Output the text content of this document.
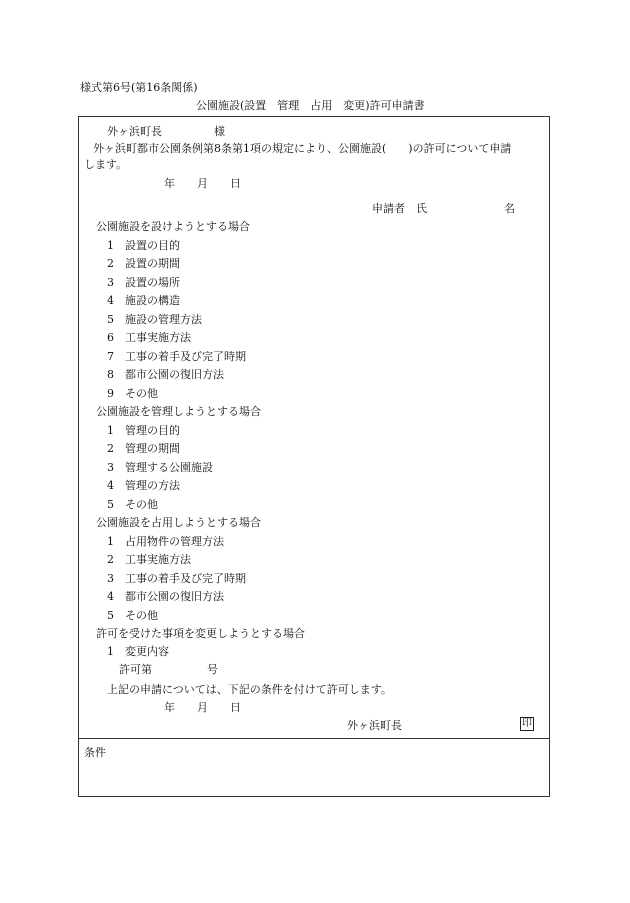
様式第6号(第16条関係)
公園施設(設置　管理　占用　変更)許可申請書
外ヶ浜町長	様
外ヶ浜町都市公園条例第8条第1項の規定により、公園施設(　　)の許可について申請
します。
年　　月　　日
申請者　氏　　　　　　　名
公園施設を設けようとする場合
1　設置の目的
2　設置の期間
3　設置の場所
4　施設の構造
5　施設の管理方法
6　工事実施方法
7　工事の着手及び完了時期
8　都市公園の復旧方法
9　その他
公園施設を管理しようとする場合
1　管理の目的
2　管理の期間
3　管理する公園施設
4　管理の方法
5　その他
公園施設を占用しようとする場合
1　占用物件の管理方法
2　工事実施方法
3　工事の着手及び完了時期
4　都市公園の復旧方法
5　その他
許可を受けた事項を変更しようとする場合
1　変更内容
許可第　　　　　号
上記の申請については、下記の条件を付けて許可します。
年　　月　　日
外ヶ浜町長	印
条件
